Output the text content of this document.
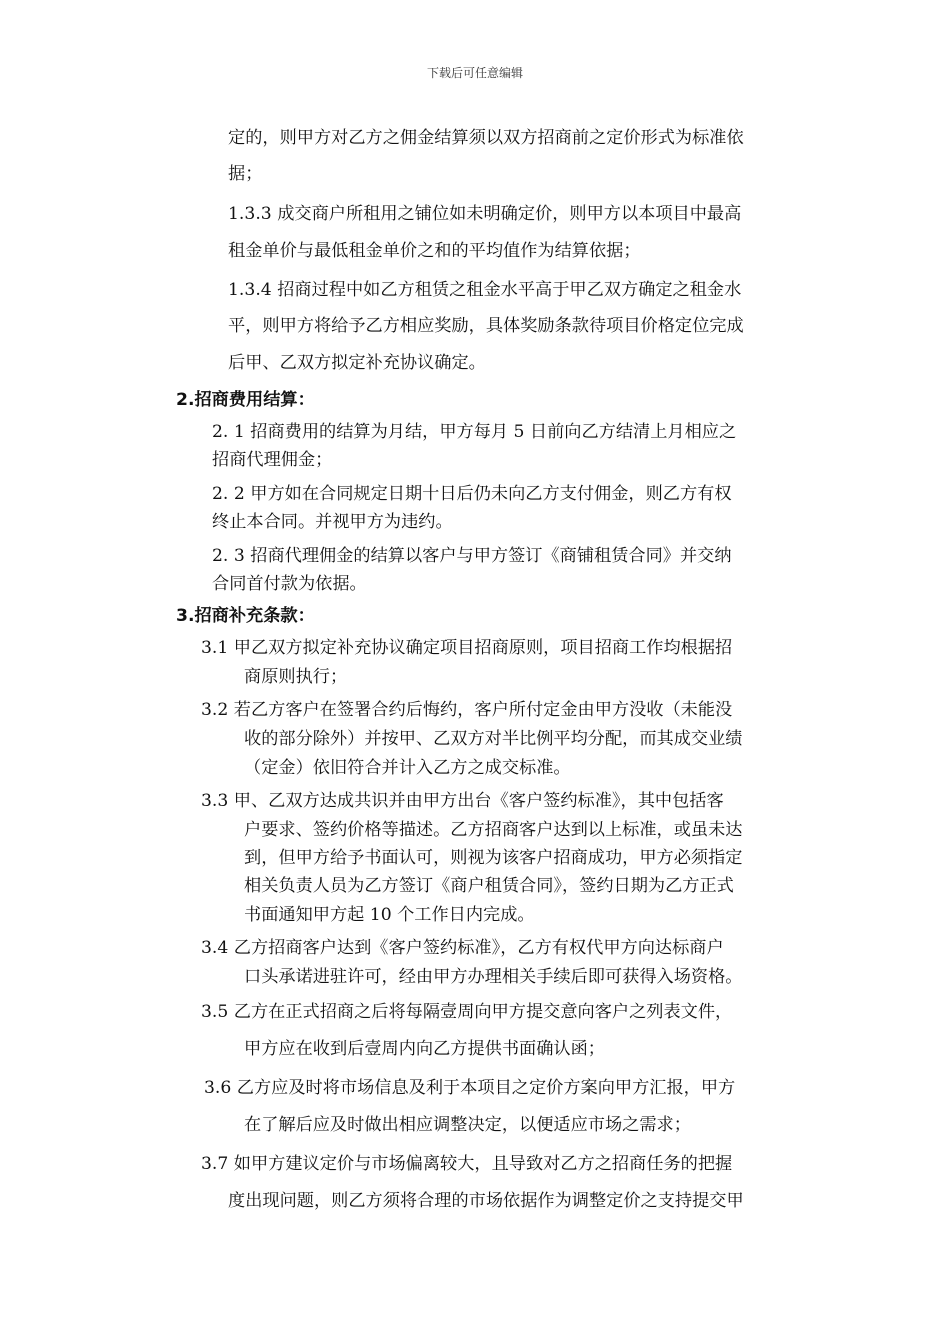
下载后可任意编辑
定的，则甲方对乙方之佣金结算须以双方招商前之定价形式为标准依
据；
1.3.3 成交商户所租用之铺位如未明确定价，则甲方以本项目中最高
租金单价与最低租金单价之和的平均值作为结算依据；
1.3.4 招商过程中如乙方租赁之租金水平高于甲乙双方确定之租金水
平，则甲方将给予乙方相应奖励，具体奖励条款待项目价格定位完成
后甲、乙双方拟定补充协议确定。
2.招商费用结算：
2. 1 招商费用的结算为月结，甲方每月 5 日前向乙方结清上月相应之
招商代理佣金；
2. 2 甲方如在合同规定日期十日后仍未向乙方支付佣金，则乙方有权
终止本合同。并视甲方为违约。
2. 3 招商代理佣金的结算以客户与甲方签订《商铺租赁合同》并交纳
合同首付款为依据。
3.招商补充条款：
3.1 甲乙双方拟定补充协议确定项目招商原则，项目招商工作均根据招
商原则执行；
3.2 若乙方客户在签署合约后悔约，客户所付定金由甲方没收（未能没
收的部分除外）并按甲、乙双方对半比例平均分配，而其成交业绩
（定金）依旧符合并计入乙方之成交标准。
3.3 甲、乙双方达成共识并由甲方出台《客户签约标准》，其中包括客
户要求、签约价格等描述。乙方招商客户达到以上标准，或虽未达
到，但甲方给予书面认可，则视为该客户招商成功，甲方必须指定
相关负责人员为乙方签订《商户租赁合同》，签约日期为乙方正式
书面通知甲方起 10 个工作日内完成。
3.4 乙方招商客户达到《客户签约标准》，乙方有权代甲方向达标商户
口头承诺进驻许可，经由甲方办理相关手续后即可获得入场资格。
3.5 乙方在正式招商之后将每隔壹周向甲方提交意向客户之列表文件，
甲方应在收到后壹周内向乙方提供书面确认函；
3.6 乙方应及时将市场信息及利于本项目之定价方案向甲方汇报，甲方
在了解后应及时做出相应调整决定，以便适应市场之需求；
3.7 如甲方建议定价与市场偏离较大，且导致对乙方之招商任务的把握
度出现问题，则乙方须将合理的市场依据作为调整定价之支持提交甲
